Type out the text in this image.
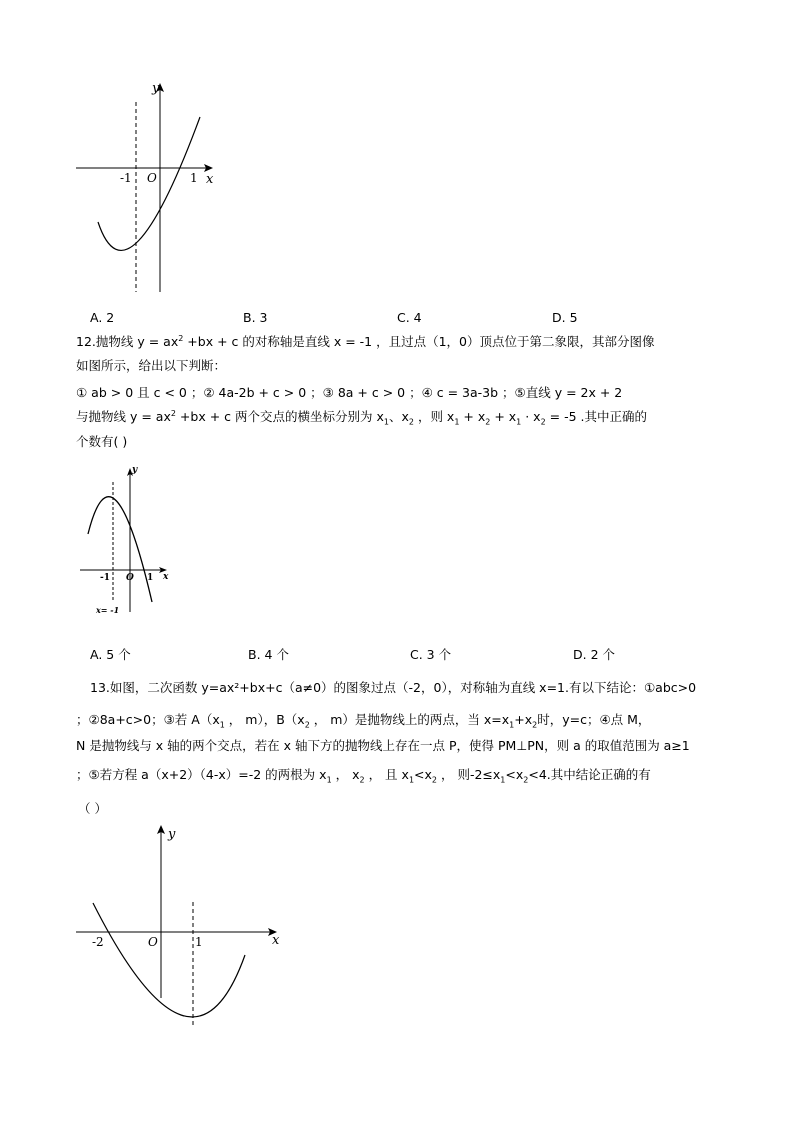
y
x
O
-1	1
A. 2	B. 3	C. 4	D. 5
12.抛物线 $y = ax^2 +bx + c$ 的对称轴是直线 x = -1 ，且过点（1，0）顶点位于第二象限，其部分图像
如图所示，给出以下判断：
① ab > 0 且 c < 0 ；② 4a-2b + c > 0 ；③ 8a + c > 0 ；④ c = 3a-3b ；⑤直线 y = 2x + 2
与抛物线 $y = ax^2 +bx + c$ 两个交点的横坐标分别为 $x_1$、$x_2$ ，则 $x_1 + x_2 + x_1 \cdot x_2 = -5$ .其中正确的
个数有( )
y
x
O
-1	1
x= -1
A. 5 个	B. 4 个	C. 3 个	D. 2 个
13.如图，二次函数 y=ax²+bx+c（a≠0）的图象过点（-2，0），对称轴为直线 x=1.有以下结论：①abc>0
；②8a+c>0；③若 $A(x_1$ ， m），$B(x_2$ ， m）是抛物线上的两点，当 $x=x_1+x_2$时，y=c；④点 M，
N 是抛物线与 x 轴的两个交点，若在 x 轴下方的抛物线上存在一点 P，使得 PM⊥PN，则 a 的取值范围为 a≥1
；⑤若方程 a（x+2）（4-x）=-2 的两根为 $x_1$ ， $x_2$ ， 且 $x_1<x_2$ ， 则$-2\le x_1<x_2<4$.其中结论正确的有
（ ）
y
x
O
-2	1
